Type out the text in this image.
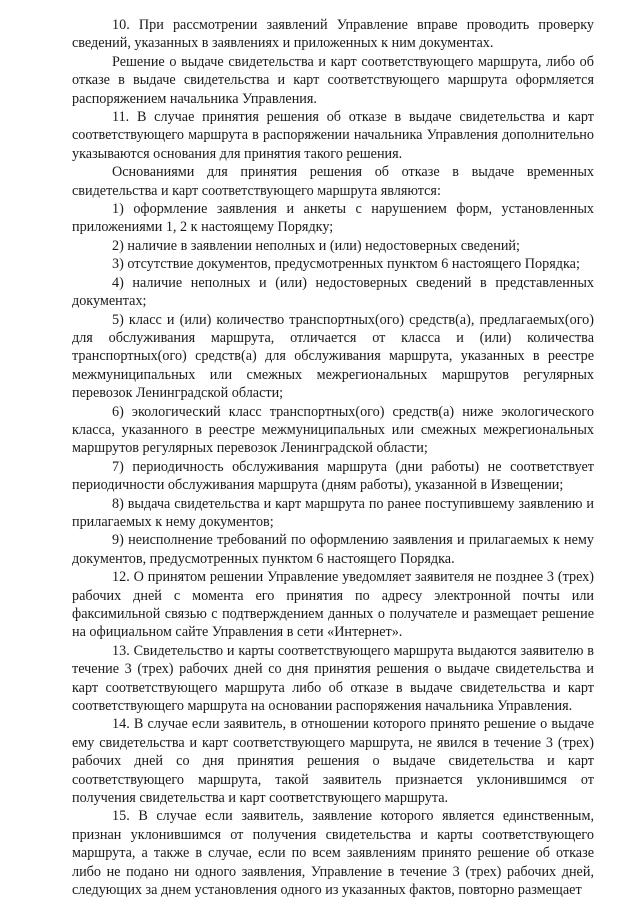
10. При рассмотрении заявлений Управление вправе проводить проверку сведений, указанных в заявлениях и приложенных к ним документах.

Решение о выдаче свидетельства и карт соответствующего маршрута, либо об отказе в выдаче свидетельства и карт соответствующего маршрута оформляется распоряжением начальника Управления.

11. В случае принятия решения об отказе в выдаче свидетельства и карт соответствующего маршрута в распоряжении начальника Управления дополнительно указываются основания для принятия такого решения.

Основаниями для принятия решения об отказе в выдаче временных свидетельства и карт соответствующего маршрута являются:

1) оформление заявления и анкеты с нарушением форм, установленных приложениями 1, 2 к настоящему Порядку;

2) наличие в заявлении неполных и (или) недостоверных сведений;

3) отсутствие документов, предусмотренных пунктом 6 настоящего Порядка;

4) наличие неполных и (или) недостоверных сведений в представленных документах;

5) класс и (или) количество транспортных(ого) средств(а), предлагаемых(ого) для обслуживания маршрута, отличается от класса и (или) количества транспортных(ого) средств(а) для обслуживания маршрута, указанных в реестре межмуниципальных или смежных межрегиональных маршрутов регулярных перевозок Ленинградской области;

6) экологический класс транспортных(ого) средств(а) ниже экологического класса, указанного в реестре межмуниципальных или смежных межрегиональных маршрутов регулярных перевозок Ленинградской области;

7) периодичность обслуживания маршрута (дни работы) не соответствует периодичности обслуживания маршрута (дням работы), указанной в Извещении;

8) выдача свидетельства и карт маршрута по ранее поступившему заявлению и прилагаемых к нему документов;

9) неисполнение требований по оформлению заявления и прилагаемых к нему документов, предусмотренных пунктом 6 настоящего Порядка.

12. О принятом решении Управление уведомляет заявителя не позднее 3 (трех) рабочих дней с момента его принятия по адресу электронной почты или факсимильной связью с подтверждением данных о получателе и размещает решение на официальном сайте Управления в сети «Интернет».

13. Свидетельство и карты соответствующего маршрута выдаются заявителю в течение 3 (трех) рабочих дней со дня принятия решения о выдаче свидетельства и карт соответствующего маршрута либо об отказе в выдаче свидетельства и карт соответствующего маршрута на основании распоряжения начальника Управления.

14. В случае если заявитель, в отношении которого принято решение о выдаче ему свидетельства и карт соответствующего маршрута, не явился в течение 3 (трех) рабочих дней со дня принятия решения о выдаче свидетельства и карт соответствующего маршрута, такой заявитель признается уклонившимся от получения свидетельства и карт соответствующего маршрута.

15. В случае если заявитель, заявление которого является единственным, признан уклонившимся от получения свидетельства и карты соответствующего маршрута, а также в случае, если по всем заявлениям принято решение об отказе либо не подано ни одного заявления, Управление в течение 3 (трех) рабочих дней, следующих за днем установления одного из указанных фактов, повторно размещает
